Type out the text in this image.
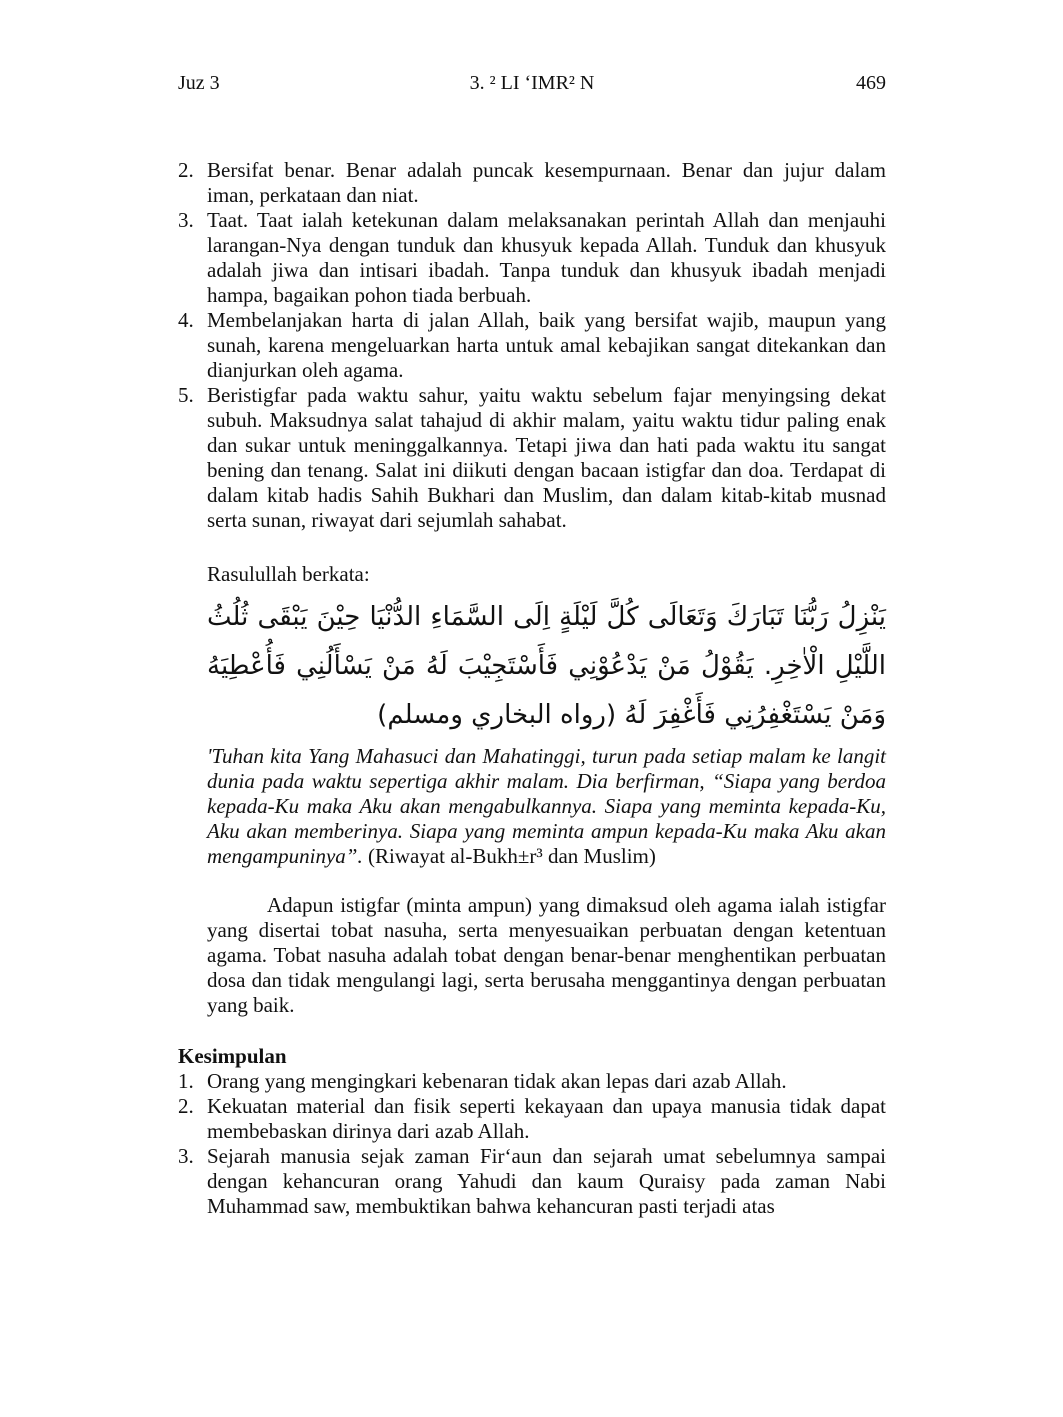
Juz 3	3. ² LI ‘IMR² N	469
2. Bersifat benar. Benar adalah puncak kesempurnaan. Benar dan jujur dalam iman, perkataan dan niat.
3. Taat. Taat ialah ketekunan dalam melaksanakan perintah Allah dan menjauhi larangan-Nya dengan tunduk dan khusyuk kepada Allah. Tunduk dan khusyuk adalah jiwa dan intisari ibadah. Tanpa tunduk dan khusyuk ibadah menjadi hampa, bagaikan pohon tiada berbuah.
4. Membelanjakan harta di jalan Allah, baik yang bersifat wajib, maupun yang sunah, karena mengeluarkan harta untuk amal kebajikan sangat ditekankan dan dianjurkan oleh agama.
5. Beristigfar pada waktu sahur, yaitu waktu sebelum fajar menyingsing dekat subuh. Maksudnya salat tahajud di akhir malam, yaitu waktu tidur paling enak dan sukar untuk meninggalkannya. Tetapi jiwa dan hati pada waktu itu sangat bening dan tenang. Salat ini diikuti dengan bacaan istigfar dan doa. Terdapat di dalam kitab hadis Sahih Bukhari dan Muslim, dan dalam kitab-kitab musnad serta sunan, riwayat dari sejumlah sahabat.
Rasulullah berkata:
يَنْزِلُ رَبُّنَا تَبَارَكَ وَتَعَالَى كُلَّ لَيْلَةٍ اِلَى السَّمَاءِ الدُّنْيَا حِيْنَ يَبْقَى ثُلُثُ اللَّيْلِ الْاٰخِرِ. يَقُوْلُ مَنْ يَدْعُوْنِي فَأَسْتَجِيْبَ لَهُ مَنْ يَسْأَلُنِي فَأُعْطِيَهُ وَمَنْ يَسْتَغْفِرُنِي فَأَغْفِرَ لَهُ (رواه البخاري ومسلم)
'Tuhan kita Yang Mahasuci dan Mahatinggi, turun pada setiap malam ke langit dunia pada waktu sepertiga akhir malam. Dia berfirman, “Siapa yang berdoa kepada-Ku maka Aku akan mengabulkannya. Siapa yang meminta kepada-Ku, Aku akan memberinya. Siapa yang meminta ampun kepada-Ku maka Aku akan mengampuninya”. (Riwayat al-Bukh±r³ dan Muslim)
Adapun istigfar (minta ampun) yang dimaksud oleh agama ialah istigfar yang disertai tobat nasuha, serta menyesuaikan perbuatan dengan ketentuan agama. Tobat nasuha adalah tobat dengan benar-benar menghentikan perbuatan dosa dan tidak mengulangi lagi, serta berusaha menggantinya dengan perbuatan yang baik.
Kesimpulan
1. Orang yang mengingkari kebenaran tidak akan lepas dari azab Allah.
2. Kekuatan material dan fisik seperti kekayaan dan upaya manusia tidak dapat membebaskan dirinya dari azab Allah.
3. Sejarah manusia sejak zaman Fir‘aun dan sejarah umat sebelumnya sampai dengan kehancuran orang Yahudi dan kaum Quraisy pada zaman Nabi Muhammad saw, membuktikan bahwa kehancuran pasti terjadi atas
